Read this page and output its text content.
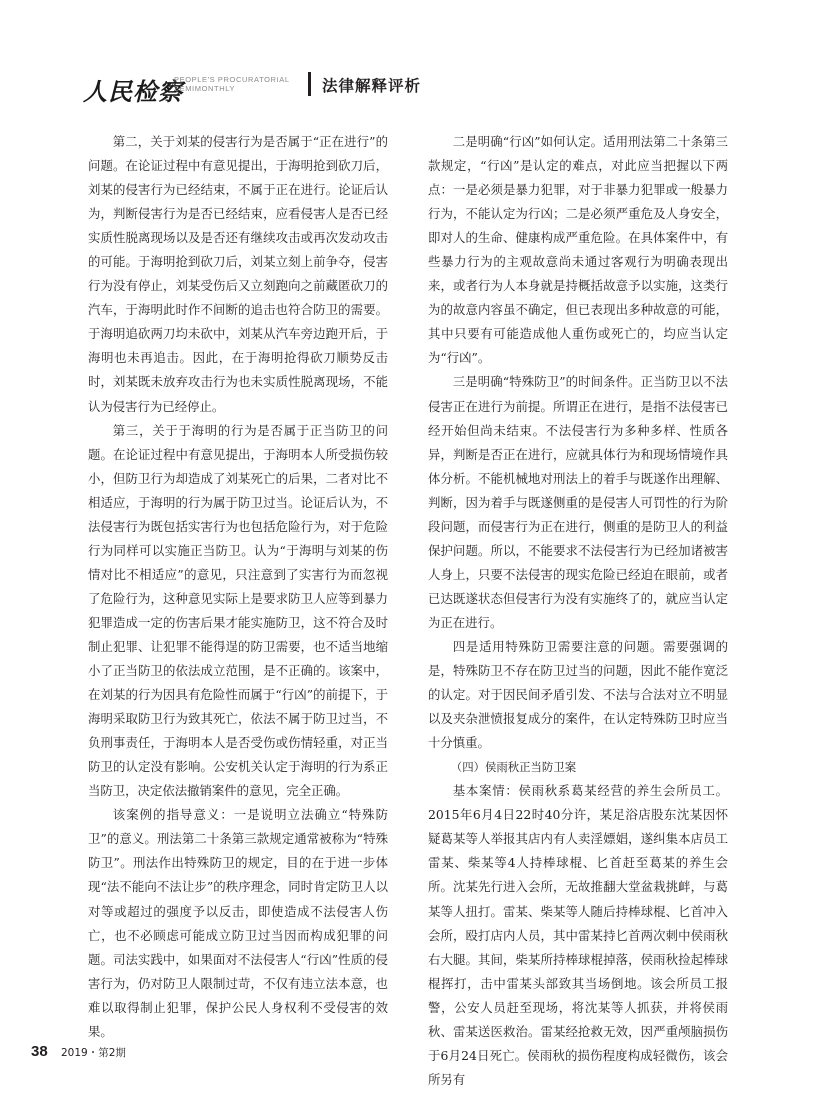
人民检察
PEOPLE'S PROCURATORIAL
SEMIMONTHLY	法律解释评析

第二，关于刘某的侵害行为是否属于“正在进行”的问题。在论证过程中有意见提出，于海明抢到砍刀后，刘某的侵害行为已经结束，不属于正在进行。论证后认为，判断侵害行为是否已经结束，应看侵害人是否已经实质性脱离现场以及是否还有继续攻击或再次发动攻击的可能。于海明抢到砍刀后，刘某立刻上前争夺，侵害行为没有停止，刘某受伤后又立刻跑向之前藏匿砍刀的汽车，于海明此时作不间断的追击也符合防卫的需要。于海明追砍两刀均未砍中，刘某从汽车旁边跑开后，于海明也未再追击。因此，在于海明抢得砍刀顺势反击时，刘某既未放弃攻击行为也未实质性脱离现场，不能认为侵害行为已经停止。

第三，关于于海明的行为是否属于正当防卫的问题。在论证过程中有意见提出，于海明本人所受损伤较小，但防卫行为却造成了刘某死亡的后果，二者对比不相适应，于海明的行为属于防卫过当。论证后认为，不法侵害行为既包括实害行为也包括危险行为，对于危险行为同样可以实施正当防卫。认为“于海明与刘某的伤情对比不相适应”的意见，只注意到了实害行为而忽视了危险行为，这种意见实际上是要求防卫人应等到暴力犯罪造成一定的伤害后果才能实施防卫，这不符合及时制止犯罪、让犯罪不能得逞的防卫需要，也不适当地缩小了正当防卫的依法成立范围，是不正确的。该案中，在刘某的行为因具有危险性而属于“行凶”的前提下，于海明采取防卫行为致其死亡，依法不属于防卫过当，不负刑事责任，于海明本人是否受伤或伤情轻重，对正当防卫的认定没有影响。公安机关认定于海明的行为系正当防卫，决定依法撤销案件的意见，完全正确。

该案例的指导意义：一是说明立法确立“特殊防卫”的意义。刑法第二十条第三款规定通常被称为“特殊防卫”。刑法作出特殊防卫的规定，目的在于进一步体现“法不能向不法让步”的秩序理念，同时肯定防卫人以对等或超过的强度予以反击，即使造成不法侵害人伤亡，也不必顾虑可能成立防卫过当因而构成犯罪的问题。司法实践中，如果面对不法侵害人“行凶”性质的侵害行为，仍对防卫人限制过苛，不仅有违立法本意，也难以取得制止犯罪，保护公民人身权利不受侵害的效果。

二是明确“行凶”如何认定。适用刑法第二十条第三款规定，“行凶”是认定的难点，对此应当把握以下两点：一是必须是暴力犯罪，对于非暴力犯罪或一般暴力行为，不能认定为行凶；二是必须严重危及人身安全，即对人的生命、健康构成严重危险。在具体案件中，有些暴力行为的主观故意尚未通过客观行为明确表现出来，或者行为人本身就是持概括故意予以实施，这类行为的故意内容虽不确定，但已表现出多种故意的可能，其中只要有可能造成他人重伤或死亡的，均应当认定为“行凶”。

三是明确“特殊防卫”的时间条件。正当防卫以不法侵害正在进行为前提。所谓正在进行，是指不法侵害已经开始但尚未结束。不法侵害行为多种多样、性质各异，判断是否正在进行，应就具体行为和现场情境作具体分析。不能机械地对刑法上的着手与既遂作出理解、判断，因为着手与既遂侧重的是侵害人可罚性的行为阶段问题，而侵害行为正在进行，侧重的是防卫人的利益保护问题。所以，不能要求不法侵害行为已经加诸被害人身上，只要不法侵害的现实危险已经迫在眼前，或者已达既遂状态但侵害行为没有实施终了的，就应当认定为正在进行。

四是适用特殊防卫需要注意的问题。需要强调的是，特殊防卫不存在防卫过当的问题，因此不能作宽泛的认定。对于因民间矛盾引发、不法与合法对立不明显以及夹杂泄愤报复成分的案件，在认定特殊防卫时应当十分慎重。

（四）侯雨秋正当防卫案

基本案情：侯雨秋系葛某经营的养生会所员工。2015年6月4日22时40分许，某足浴店股东沈某因怀疑葛某等人举报其店内有人卖淫嫖娼，遂纠集本店员工雷某、柴某等4人持棒球棍、匕首赶至葛某的养生会所。沈某先行进入会所，无故推翻大堂盆栽挑衅，与葛某等人扭打。雷某、柴某等人随后持棒球棍、匕首冲入会所，殴打店内人员，其中雷某持匕首两次刺中侯雨秋右大腿。其间，柴某所持棒球棍掉落，侯雨秋捡起棒球棍挥打，击中雷某头部致其当场倒地。该会所员工报警，公安人员赶至现场，将沈某等人抓获，并将侯雨秋、雷某送医救治。雷某经抢救无效，因严重颅脑损伤于6月24日死亡。侯雨秋的损伤程度构成轻微伤，该会所另有

38 2019・第2期
